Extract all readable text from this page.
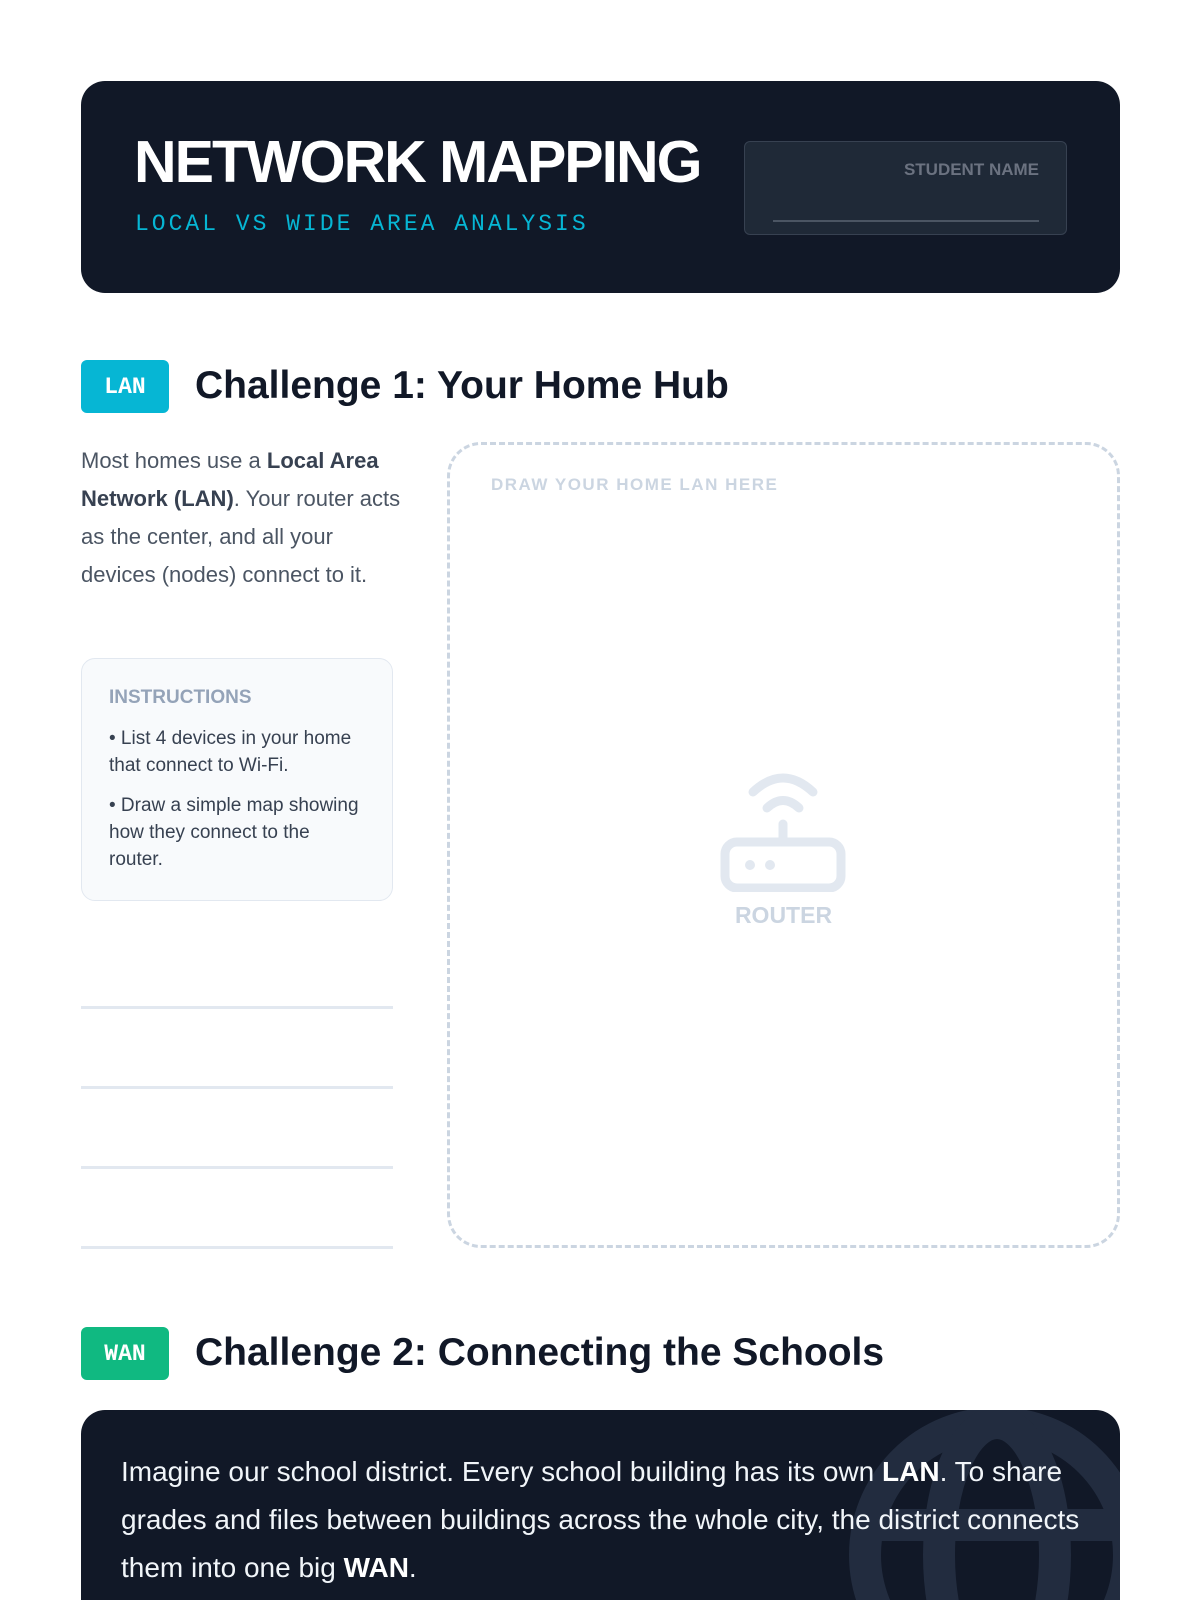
NETWORK MAPPING
LOCAL VS WIDE AREA ANALYSIS
STUDENT NAME
LAN	Challenge 1: Your Home Hub
Most homes use a Local Area Network (LAN). Your router acts as the center, and all your devices (nodes) connect to it.
INSTRUCTIONS
• List 4 devices in your home that connect to Wi-Fi.
• Draw a simple map showing how they connect to the router.
DRAW YOUR HOME LAN HERE
ROUTER
WAN	Challenge 2: Connecting the Schools
Imagine our school district. Every school building has its own LAN. To share grades and files between buildings across the whole city, the district connects them into one big WAN.
